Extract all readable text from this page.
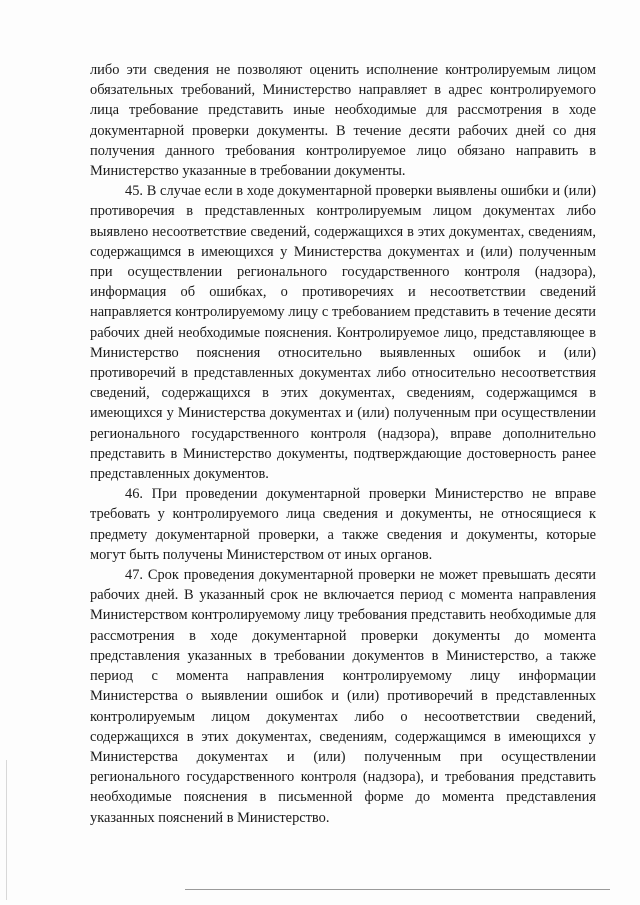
либо эти сведения не позволяют оценить исполнение контролируемым лицом обязательных требований, Министерство направляет в адрес контролируемого лица требование представить иные необходимые для рассмотрения в ходе документарной проверки документы. В течение десяти рабочих дней со дня получения данного требования контролируемое лицо обязано направить в Министерство указанные в требовании документы.

45. В случае если в ходе документарной проверки выявлены ошибки и (или) противоречия в представленных контролируемым лицом документах либо выявлено несоответствие сведений, содержащихся в этих документах, сведениям, содержащимся в имеющихся у Министерства документах и (или) полученным при осуществлении регионального государственного контроля (надзора), информация об ошибках, о противоречиях и несоответствии сведений направляется контролируемому лицу с требованием представить в течение десяти рабочих дней необходимые пояснения. Контролируемое лицо, представляющее в Министерство пояснения относительно выявленных ошибок и (или) противоречий в представленных документах либо относительно несоответствия сведений, содержащихся в этих документах, сведениям, содержащимся в имеющихся у Министерства документах и (или) полученным при осуществлении регионального государственного контроля (надзора), вправе дополнительно представить в Министерство документы, подтверждающие достоверность ранее представленных документов.

46. При проведении документарной проверки Министерство не вправе требовать у контролируемого лица сведения и документы, не относящиеся к предмету документарной проверки, а также сведения и документы, которые могут быть получены Министерством от иных органов.

47. Срок проведения документарной проверки не может превышать десяти рабочих дней. В указанный срок не включается период с момента направления Министерством контролируемому лицу требования представить необходимые для рассмотрения в ходе документарной проверки документы до момента представления указанных в требовании документов в Министерство, а также период с момента направления контролируемому лицу информации Министерства о выявлении ошибок и (или) противоречий в представленных контролируемым лицом документах либо о несоответствии сведений, содержащихся в этих документах, сведениям, содержащимся в имеющихся у Министерства документах и (или) полученным при осуществлении регионального государственного контроля (надзора), и требования представить необходимые пояснения в письменной форме до момента представления указанных пояснений в Министерство.
